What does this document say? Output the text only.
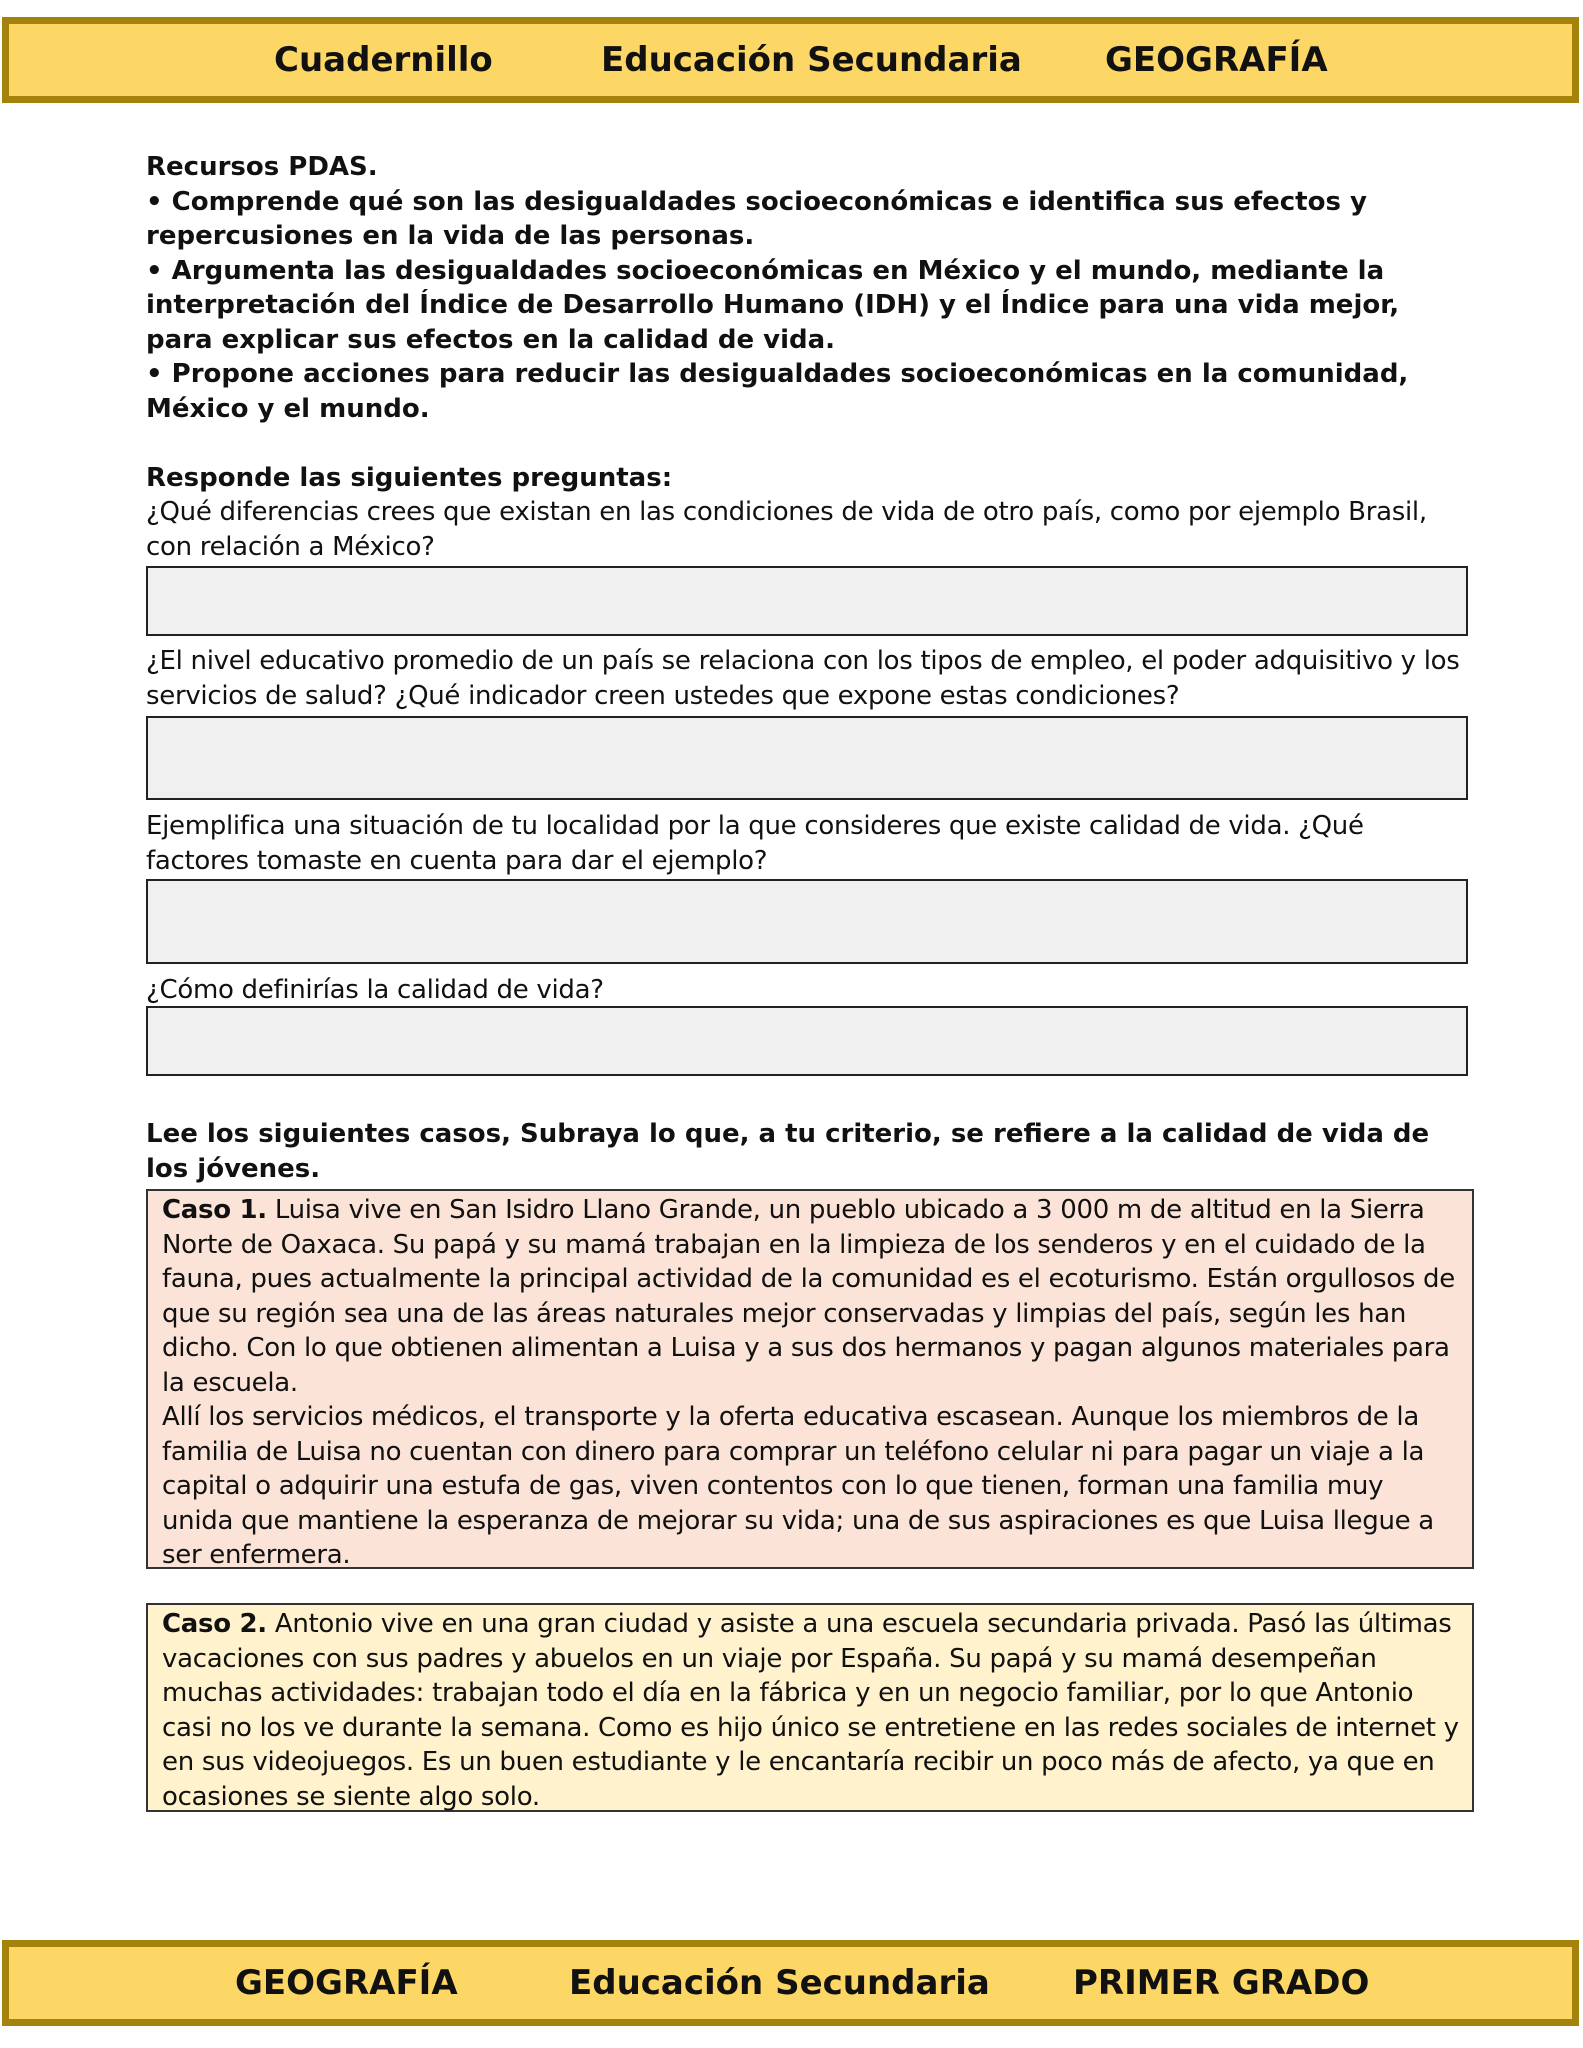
Cuadernillo	Educación Secundaria GEOGRAFÍA

Recursos PDAS.

• Comprende qué son las desigualdades socioeconómicas e identifica sus efectos y repercusiones en la vida de las personas.

• Argumenta las desigualdades socioeconómicas en México y el mundo, mediante la interpretación del Índice de Desarrollo Humano (IDH) y el Índice para una vida mejor, para explicar sus efectos en la calidad de vida.

• Propone acciones para reducir las desigualdades socioeconómicas en la comunidad, México y el mundo.

Responde las siguientes preguntas:
¿Qué diferencias crees que existan en las condiciones de vida de otro país, como por ejemplo Brasil, con relación a México?
¿El nivel educativo promedio de un país se relaciona con los tipos de empleo, el poder adquisitivo y los servicios de salud? ¿Qué indicador creen ustedes que expone estas condiciones?
Ejemplifica una situación de tu localidad por la que consideres que existe calidad de vida. ¿Qué factores tomaste en cuenta para dar el ejemplo?
¿Cómo definirías la calidad de vida?
Lee los siguientes casos, Subraya lo que, a tu criterio, se refiere a la calidad de vida de los jóvenes.

Caso 1. Luisa vive en San Isidro Llano Grande, un pueblo ubicado a 3 000 m de altitud en la Sierra Norte de Oaxaca. Su papá y su mamá trabajan en la limpieza de los senderos y en el cuidado de la fauna, pues actualmente la principal actividad de la comunidad es el ecoturismo. Están orgullosos de que su región sea una de las áreas naturales mejor conservadas y limpias del país, según les han dicho. Con lo que obtienen alimentan a Luisa y a sus dos hermanos y pagan algunos materiales para la escuela.

Allí los servicios médicos, el transporte y la oferta educativa escasean. Aunque los miembros de la familia de Luisa no cuentan con dinero para comprar un teléfono celular ni para pagar un viaje a la capital o adquirir una estufa de gas, viven contentos con lo que tienen, forman una familia muy unida que mantiene la esperanza de mejorar su vida; una de sus aspiraciones es que Luisa llegue a ser enfermera.

Caso 2. Antonio vive en una gran ciudad y asiste a una escuela secundaria privada. Pasó las últimas vacaciones con sus padres y abuelos en un viaje por España. Su papá y su mamá desempeñan muchas actividades: trabajan todo el día en la fábrica y en un negocio familiar, por lo que Antonio casi no los ve durante la semana. Como es hijo único se entretiene en las redes sociales de internet y en sus videojuegos. Es un buen estudiante y le encantaría recibir un poco más de afecto, ya que en ocasiones se siente algo solo.

GEOGRAFÍA	Educación Secundaria PRIMER GRADO
